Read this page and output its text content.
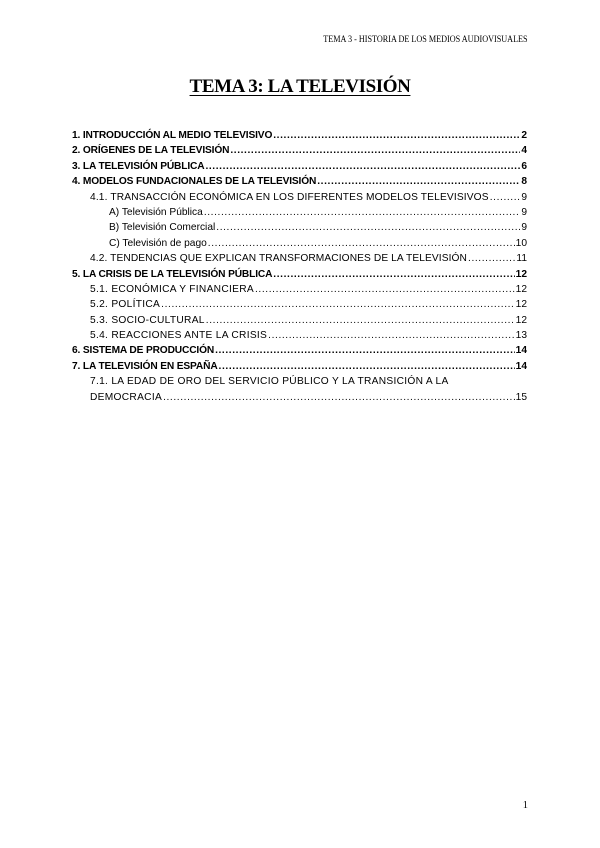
TEMA 3 - HISTORIA DE LOS MEDIOS AUDIOVISUALES
TEMA 3: LA TELEVISIÓN
1. INTRODUCCIÓN AL MEDIO TELEVISIVO .....	2
2. ORÍGENES DE LA TELEVISIÓN .....	4
3. LA TELEVISIÓN PÚBLICA .....	6
4. MODELOS FUNDACIONALES DE LA TELEVISIÓN .....	8
4.1. TRANSACCIÓN ECONÓMICA EN LOS DIFERENTES MODELOS TELEVISIVOS .....	9
A) Televisión Pública .....	9
B) Televisión Comercial .....	9
C) Televisión de pago .....	10
4.2. TENDENCIAS QUE EXPLICAN TRANSFORMACIONES DE LA TELEVISIÓN .....	11
5. LA CRISIS DE LA TELEVISIÓN PÚBLICA .....	12
5.1. ECONÓMICA Y FINANCIERA .....	12
5.2. POLÍTICA .....	12
5.3. SOCIO-CULTURAL .....	12
5.4. REACCIONES ANTE LA CRISIS .....	13
6. SISTEMA DE PRODUCCIÓN .....	14
7. LA TELEVISIÓN EN ESPAÑA .....	14
7.1. LA EDAD DE ORO DEL SERVICIO PÚBLICO Y LA TRANSICIÓN A LA
DEMOCRACIA .....	15
1
